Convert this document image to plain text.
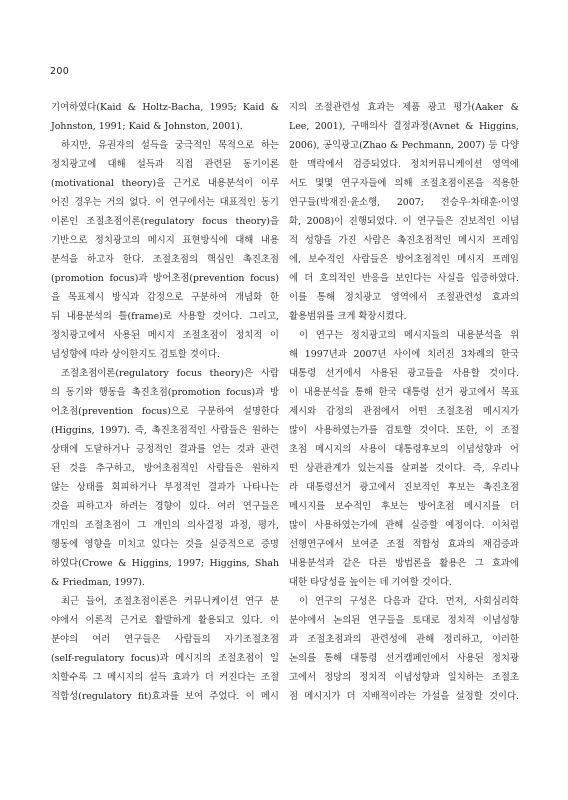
200
기여하였다(Kaid & Holtz-Bacha, 1995; Kaid &
Johnston, 1991; Kaid & Johnston, 2001).
하지만, 유권자의 설득을 궁극적인 목적으로 하는
정치광고에 대해 설득과 직접 관련된 동기이론
(motivational theory)을 근거로 내용분석이 이루
어진 경우는 거의 없다. 이 연구에서는 대표적인 동기
이론인 조절초점이론(regulatory focus theory)을
기반으로 정치광고의 메시지 표현방식에 대해 내용
분석을 하고자 한다. 조절초점의 핵심인 촉진초점
(promotion focus)과 방어초점(prevention focus)
을 목표제시 방식과 감정으로 구분하여 개념화 한
뒤 내용분석의 틀(frame)로 사용할 것이다. 그리고,
정치광고에서 사용된 메시지 조절초점이 정치적 이
념성향에 따라 상이한지도 검토할 것이다.
조절초점이론(regulatory focus theory)은 사람
의 동기와 행동을 촉진초점(promotion focus)과 방
어초점(prevention focus)으로 구분하여 설명한다
(Higgins, 1997). 즉, 촉진초점적인 사람들은 원하는
상태에 도달하거나 긍정적인 결과를 얻는 것과 관련
된 것을 추구하고, 방어초점적인 사람들은 원하지
않는 상태를 회피하거나 부정적인 결과가 나타나는
것을 피하고자 하려는 경향이 있다. 여러 연구들은
개인의 조절초점이 그 개인의 의사결정 과정, 평가,
행동에 영향을 미치고 있다는 것을 실증적으로 증명
하였다(Crowe & Higgins, 1997; Higgins, Shah
& Friedman, 1997).
최근 들어, 조절초점이론은 커뮤니케이션 연구 분
야에서 이론적 근거로 활발하게 활용되고 있다. 이
분야의 여러 연구들은 사람들의 자기조절초점
(self-regulatory focus)과 메시지의 조절초점이 일
치할수록 그 메시지의 설득 효과가 더 커진다는 조절
적합성(regulatory fit)효과를 보여 주었다. 이 메시
지의 조절관련성 효과는 제품 광고 평가(Aaker &
Lee, 2001), 구매의사 결정과정(Avnet & Higgins,
2006), 공익광고(Zhao & Pechmann, 2007) 등 다양
한 맥락에서 검증되었다. 정치커뮤니케이션 영역에
서도 몇몇 연구자들에 의해 조절초점이론을 적용한
연구들(박재진·윤소행, 2007; 전승우·차태훈·이영
화, 2008)이 진행되었다. 이 연구들은 진보적인 이념
적 성향을 가진 사람은 촉진초점적인 메시지 프레임
에, 보수적인 사람들은 방어초점적인 메시지 프레임
에 더 호의적인 반응을 보인다는 사실을 입증하였다.
이를 통해 정치광고 영역에서 조절관련성 효과의
활용범위를 크게 확장시켰다.
이 연구는 정치광고의 메시지들의 내용분석을 위
해 1997년과 2007년 사이에 치러진 3차례의 한국
대통령 선거에서 사용된 광고들을 사용할 것이다.
이 내용분석을 통해 한국 대통령 선거 광고에서 목표
제시와 감정의 관점에서 어떤 조절초점 메시지가
많이 사용하였는가를 검토할 것이다. 또한, 이 조절
초점 메시지의 사용이 대통령후보의 이념성향과 어
떤 상관관계가 있는지를 살펴볼 것이다. 즉, 우리나
라 대통령선거 광고에서 진보적인 후보는 촉진초점
메시지를 보수적인 후보는 방어초점 메시지를 더
많이 사용하였는가에 관해 실증할 예정이다. 이처럼
선행연구에서 보여준 조절 적합성 효과의 재검증과
내용분석과 같은 다른 방법론을 활용은 그 효과에
대한 타당성을 높이는 데 기여할 것이다.
이 연구의 구성은 다음과 같다. 먼저, 사회심리학
분야에서 논의된 연구들을 토대로 정치적 이념성향
과 조절초점과의 관련성에 관해 정리하고, 이러한
논의를 통해 대통령 선거캠페인에서 사용된 정치광
고에서 정당의 정치적 이념성향과 일치하는 조절초
점 메시지가 더 지배적이라는 가설을 설정할 것이다.
